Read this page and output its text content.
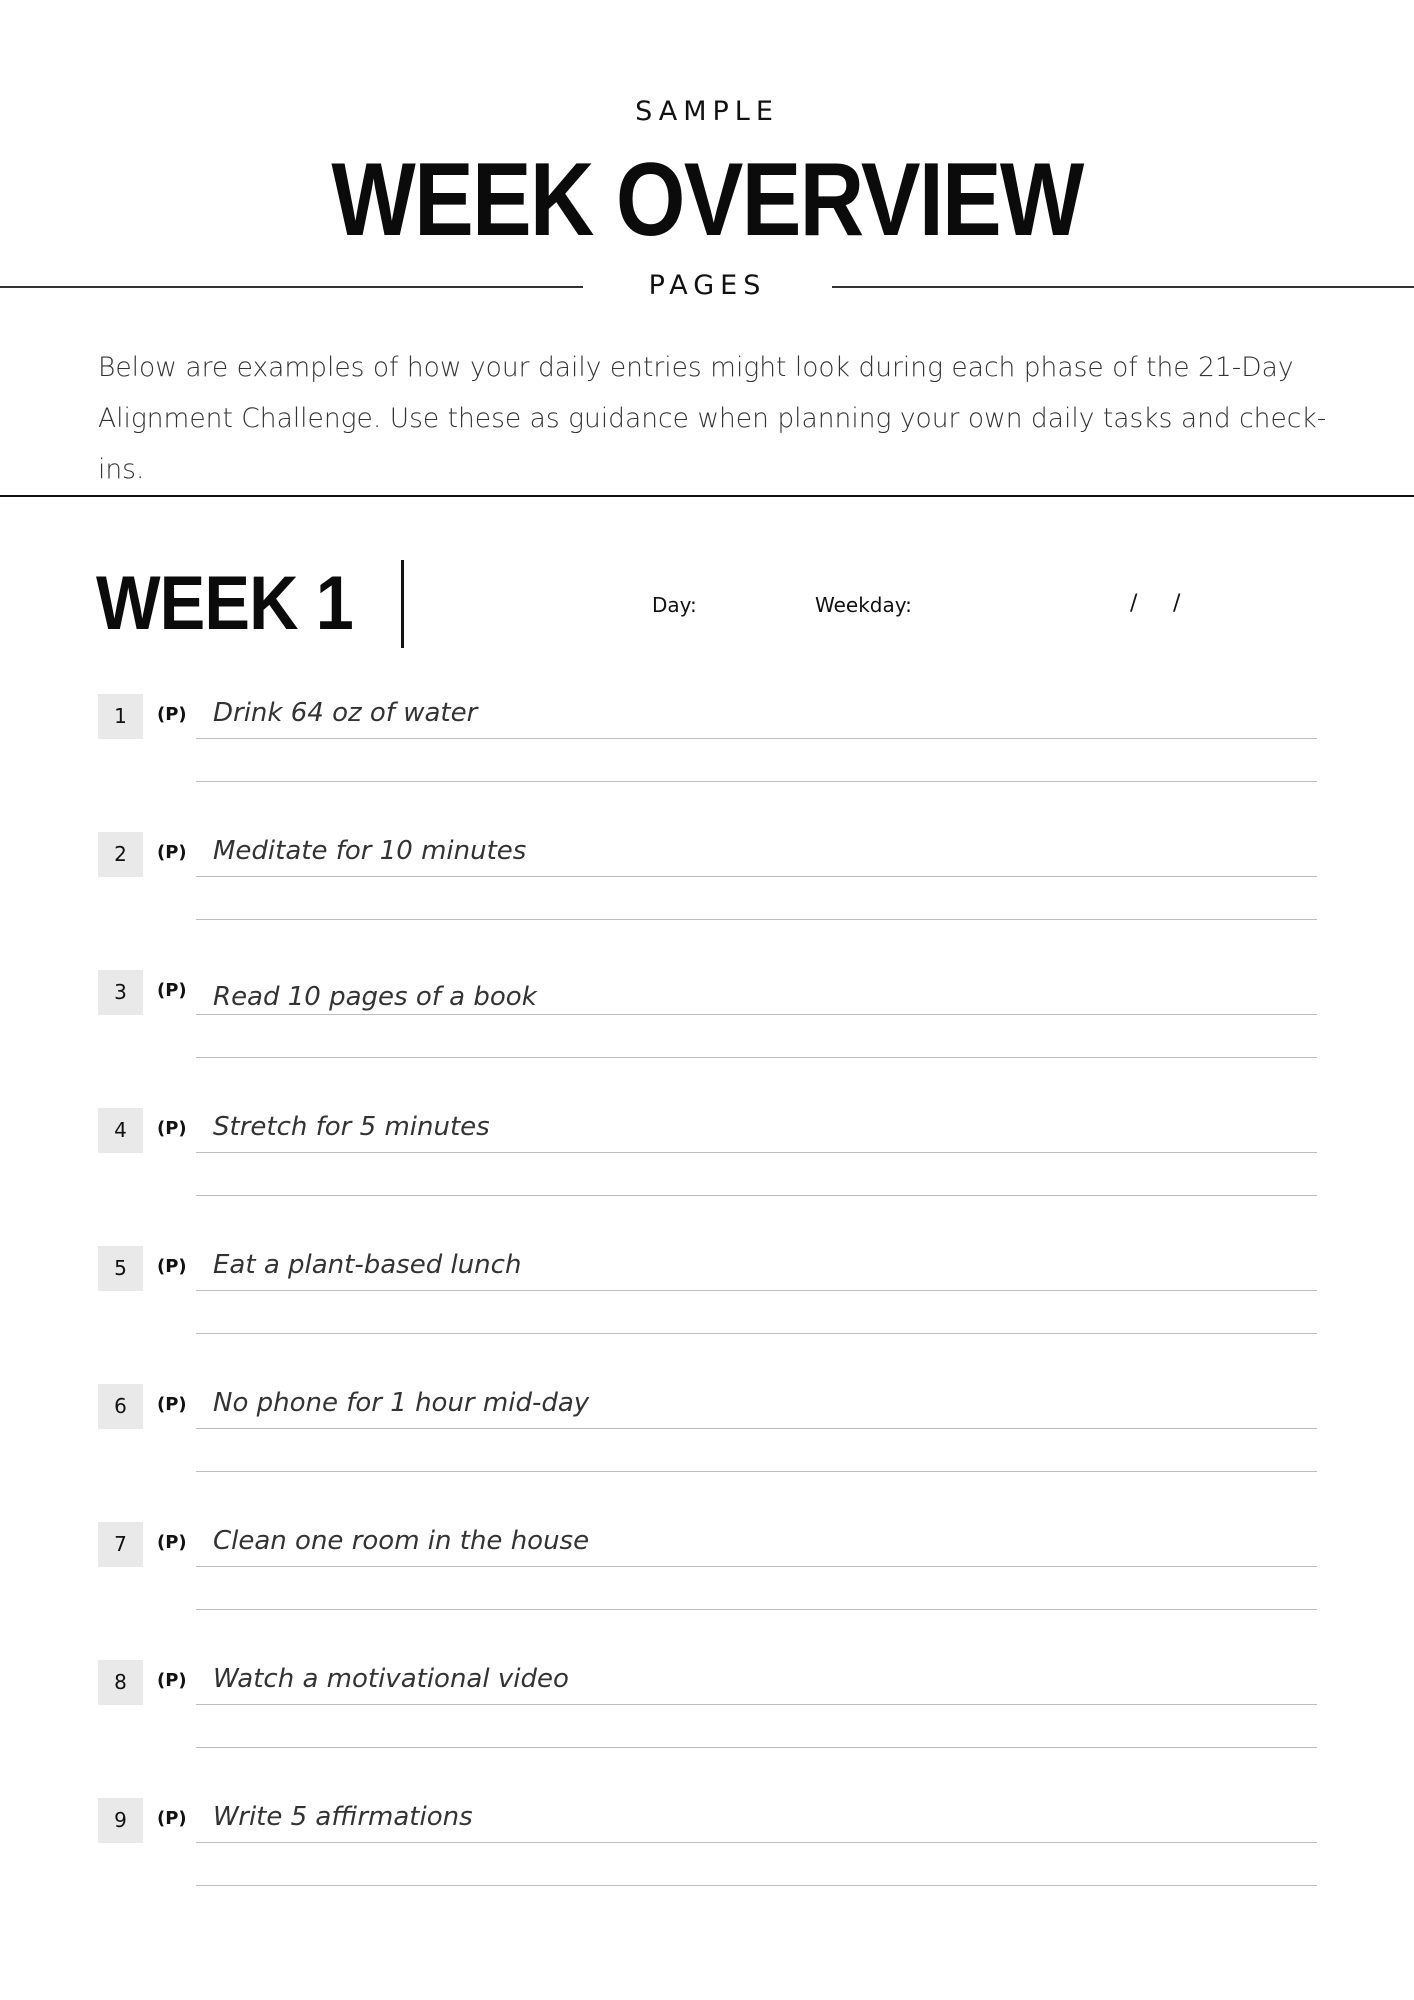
SAMPLE
WEEK OVERVIEW
PAGES
Below are examples of how your daily entries might look during each phase of the 21-Day Alignment Challenge. Use these as guidance when planning your own daily tasks and check-ins.
WEEK 1	Day:	Weekday:	/ /
1	(P) Drink 64 oz of water
2	(P) Meditate for 10 minutes
3	(P) Read 10 pages of a book
4	(P) Stretch for 5 minutes
5	(P) Eat a plant-based lunch
6	(P) No phone for 1 hour mid-day
7	(P) Clean one room in the house
8	(P) Watch a motivational video
9	(P) Write 5 affirmations
